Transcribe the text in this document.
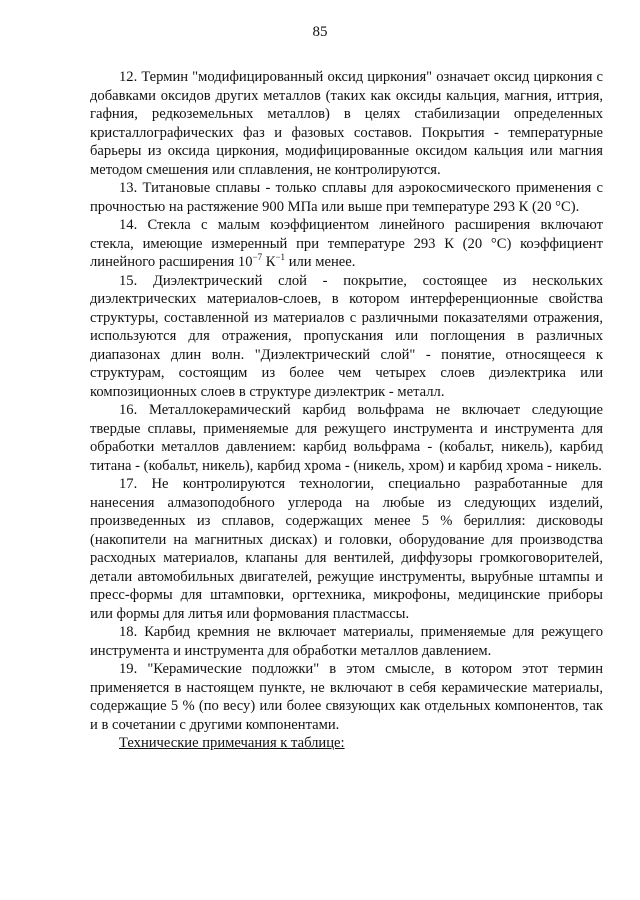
85

12. Термин "модифицированный оксид циркония" означает оксид циркония с добавками оксидов других металлов (таких как оксиды кальция, магния, иттрия, гафния, редкоземельных металлов) в целях стабилизации определенных кристаллографических фаз и фазовых составов. Покрытия - температурные барьеры из оксида циркония, модифицированные оксидом кальция или магния методом смешения или сплавления, не контролируются.

13. Титановые сплавы - только сплавы для аэрокосмического применения с прочностью на растяжение 900 МПа или выше при температуре 293 К (20 °С).

14. Стекла с малым коэффициентом линейного расширения включают стекла, имеющие измеренный при температуре 293 К (20 °С) коэффициент линейного расширения $10^{-7}$ $К^{-1}$ или менее.

15. Диэлектрический слой - покрытие, состоящее из нескольких диэлектрических материалов-слоев, в котором интерференционные свойства структуры, составленной из материалов с различными показателями отражения, используются для отражения, пропускания или поглощения в различных диапазонах длин волн. "Диэлектрический слой" - понятие, относящееся к структурам, состоящим из более чем четырех слоев диэлектрика или композиционных слоев в структуре диэлектрик - металл.

16. Металлокерамический карбид вольфрама не включает следующие твердые сплавы, применяемые для режущего инструмента и инструмента для обработки металлов давлением: карбид вольфрама - (кобальт, никель), карбид титана - (кобальт, никель), карбид хрома - (никель, хром) и карбид хрома - никель.

17. Не контролируются технологии, специально разработанные для нанесения алмазоподобного углерода на любые из следующих изделий, произведенных из сплавов, содержащих менее 5 % бериллия: дисководы (накопители на магнитных дисках) и головки, оборудование для производства расходных материалов, клапаны для вентилей, диффузоры громкоговорителей, детали автомобильных двигателей, режущие инструменты, вырубные штампы и пресс-формы для штамповки, оргтехника, микрофоны, медицинские приборы или формы для литья или формования пластмассы.

18. Карбид кремния не включает материалы, применяемые для режущего инструмента и инструмента для обработки металлов давлением.

19. "Керамические подложки" в этом смысле, в котором этот термин применяется в настоящем пункте, не включают в себя керамические материалы, содержащие 5 % (по весу) или более связующих как отдельных компонентов, так и в сочетании с другими компонентами.

Технические примечания к таблице:
